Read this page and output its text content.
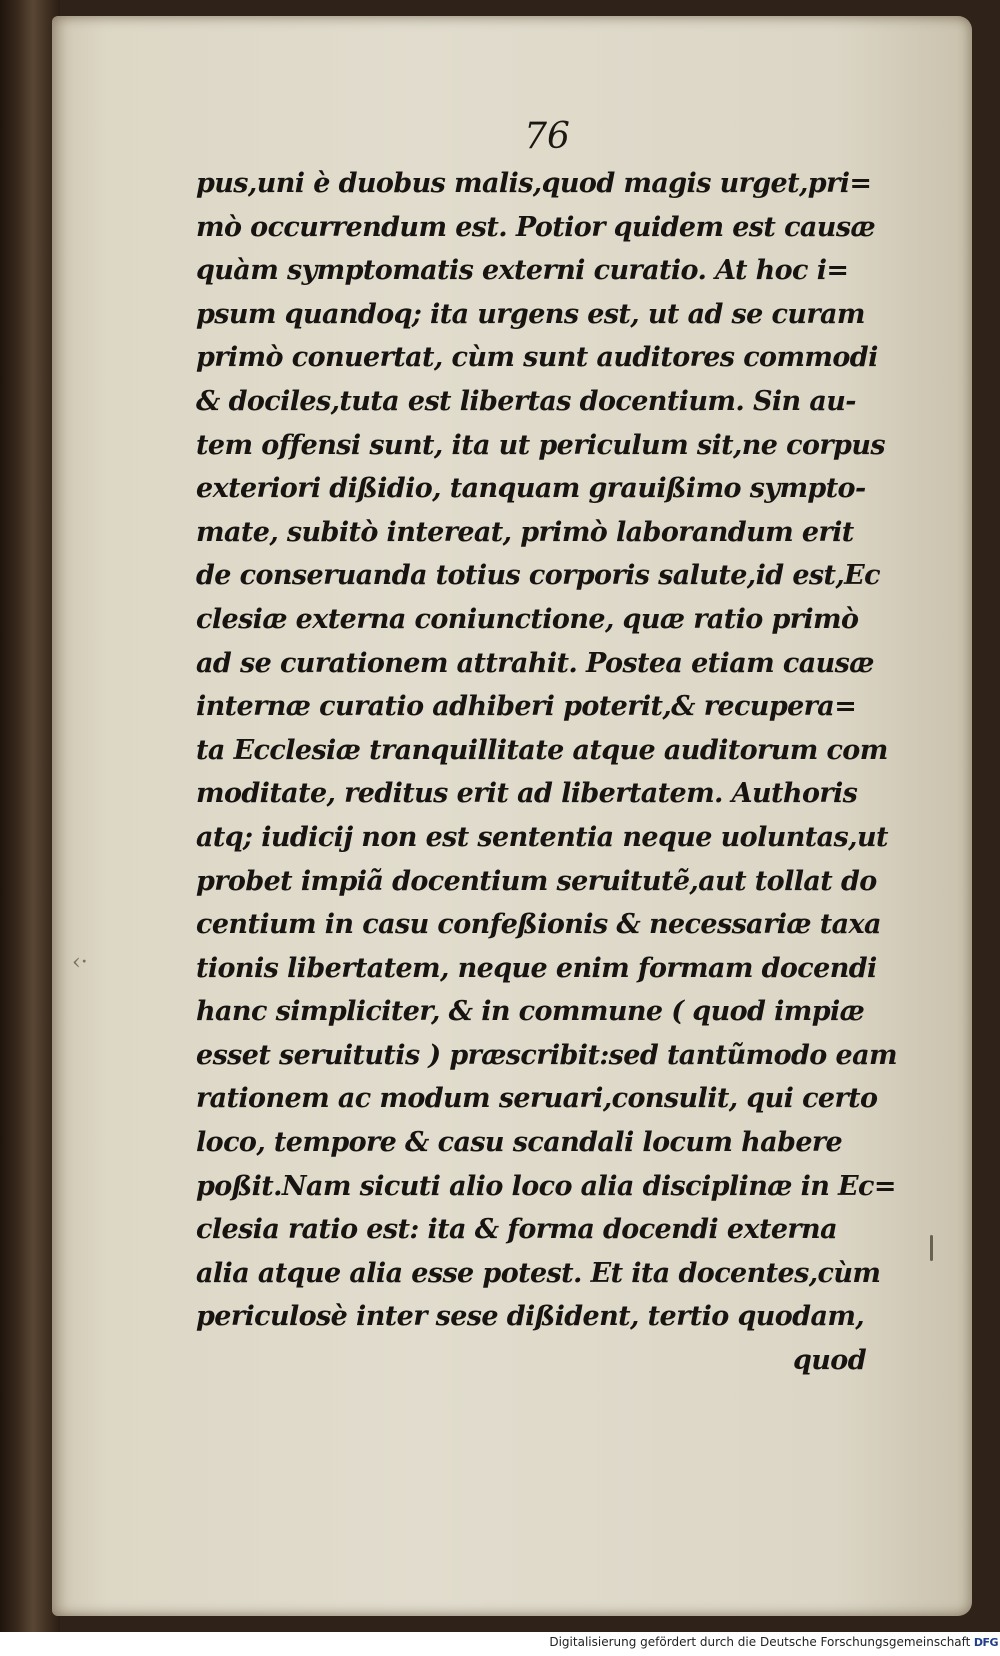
76
pus,uni è duobus malis,quod magis urget,pri=
mò occurrendum est. Potior quidem est causæ
quàm symptomatis externi curatio. At hoc i=
psum quandoq; ita urgens est, ut ad se curam
primò conuertat, cùm sunt auditores commodi
& dociles,tuta est libertas docentium. Sin au-
tem offensi sunt, ita ut periculum sit,ne corpus
exteriori dißidio, tanquam grauißimo sympto-
mate, subitò intereat, primò laborandum erit
de conseruanda totius corporis salute,id est,Ec
clesiæ externa coniunctione, quæ ratio primò
ad se curationem attrahit. Postea etiam causæ
internæ curatio adhiberi poterit,& recupera=
ta Ecclesiæ tranquillitate atque auditorum com
moditate, reditus erit ad libertatem. Authoris
atq; iudicij non est sententia neque uoluntas,ut
probet impiã docentium seruitutẽ,aut tollat do
centium in casu confeßionis & necessariæ taxa
tionis libertatem, neque enim formam docendi
hanc simpliciter, & in commune ( quod impiæ
esset seruitutis ) præscribit:sed tantũmodo eam
rationem ac modum seruari,consulit, qui certo
loco, tempore & casu scandali locum habere
poßit.Nam sicuti alio loco alia disciplinæ in Ec=
clesia ratio est: ita & forma docendi externa
alia atque alia esse potest. Et ita docentes,cùm
periculosè inter sese dißident, tertio quodam,
quod
‹·
Digitalisierung gefördert durch die Deutsche Forschungsgemeinschaft ·
DFG
